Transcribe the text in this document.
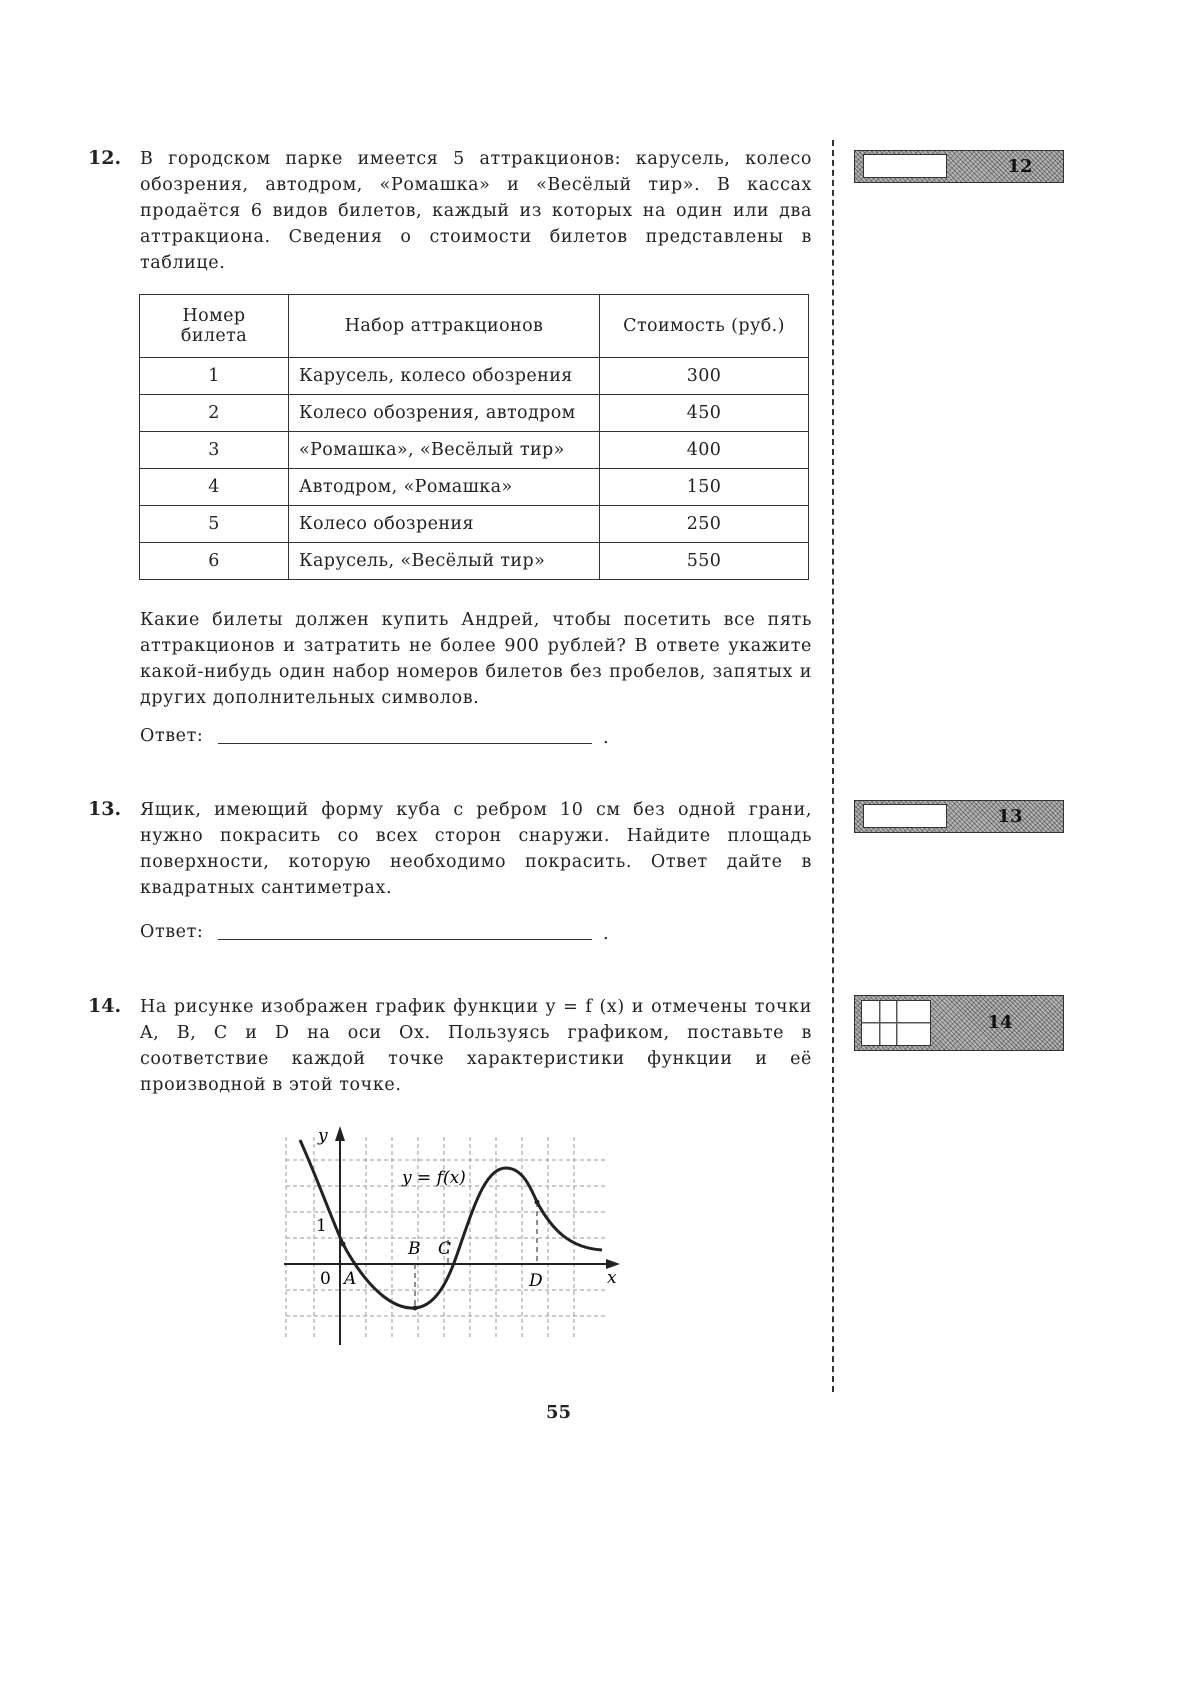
12. В городском парке имеется 5 аттракционов: карусель, колесо обозрения, автодром, «Ромашка» и «Весёлый тир». В кассах продаётся 6 видов билетов, каждый из которых на один или два аттракциона. Сведения о стоимости билетов представлены в таблице.
Номер билета	Набор аттракционов	Стоимость (руб.)
1	Карусель, колесо обозрения	300
2	Колесо обозрения, автодром	450
3	«Ромашка», «Весёлый тир»	400
4	Автодром, «Ромашка»	150
5	Колесо обозрения	250
6	Карусель, «Весёлый тир»	550
Какие билеты должен купить Андрей, чтобы посетить все пять аттракционов и затратить не более 900 рублей? В ответе укажите какой-нибудь один набор номеров билетов без пробелов, запятых и других дополнительных символов.
Ответ:	.
13. Ящик, имеющий форму куба с ребром 10 см без одной грани, нужно покрасить со всех сторон снаружи. Найдите площадь поверхности, которую необходимо покрасить. Ответ дайте в квадратных сантиметрах.
Ответ:	.
14. На рисунке изображен график функции y = f (x) и отмечены точки A, B, C и D на оси Ox. Пользуясь графиком, поставьте в соответствие каждой точке характеристики функции и её производной в этой точке.
y
x
y = f(x)
0
1
A
B C
D
12
13
14
55
